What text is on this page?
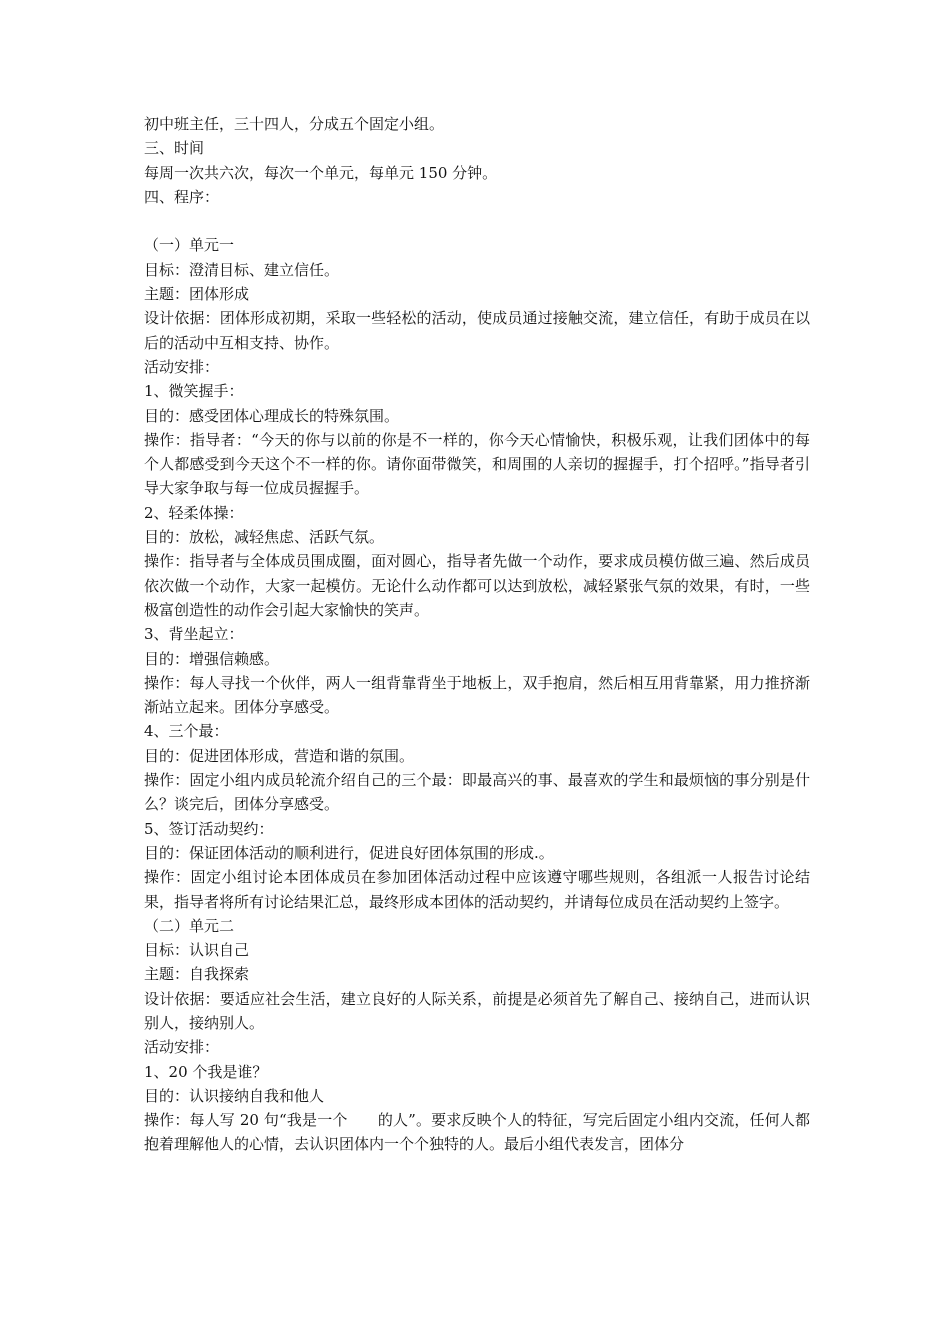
初中班主任，三十四人，分成五个固定小组。

三、时间

每周一次共六次，每次一个单元，每单元 150 分钟。

四、程序：

（一）单元一

目标：澄清目标、建立信任。

主题：团体形成

设计依据：团体形成初期，采取一些轻松的活动，使成员通过接触交流，建立信任，有助于成员在以后的活动中互相支持、协作。

活动安排：

1、微笑握手：

目的：感受团体心理成长的特殊氛围。

操作：指导者：“今天的你与以前的你是不一样的，你今天心情愉快，积极乐观，让我们团体中的每个人都感受到今天这个不一样的你。请你面带微笑，和周围的人亲切的握握手，打个招呼。”指导者引导大家争取与每一位成员握握手。

2、轻柔体操：

目的：放松，减轻焦虑、活跃气氛。

操作：指导者与全体成员围成圈，面对圆心，指导者先做一个动作，要求成员模仿做三遍、然后成员依次做一个动作，大家一起模仿。无论什么动作都可以达到放松，减轻紧张气氛的效果，有时，一些极富创造性的动作会引起大家愉快的笑声。

3、背坐起立：

目的：增强信赖感。

操作：每人寻找一个伙伴，两人一组背靠背坐于地板上，双手抱肩，然后相互用背靠紧，用力推挤渐渐站立起来。团体分享感受。

4、三个最：

目的：促进团体形成，营造和谐的氛围。

操作：固定小组内成员轮流介绍自己的三个最：即最高兴的事、最喜欢的学生和最烦恼的事分别是什么？谈完后，团体分享感受。

5、签订活动契约：

目的：保证团体活动的顺利进行，促进良好团体氛围的形成.。

操作：固定小组讨论本团体成员在参加团体活动过程中应该遵守哪些规则，各组派一人报告讨论结果，指导者将所有讨论结果汇总，最终形成本团体的活动契约，并请每位成员在活动契约上签字。

（二）单元二

目标：认识自己

主题：自我探索

设计依据：要适应社会生活，建立良好的人际关系，前提是必须首先了解自己、接纳自己，进而认识别人，接纳别人。

活动安排：

1、20 个我是谁？

目的：认识接纳自我和他人

操作：每人写 20 句“我是一个　　的人”。要求反映个人的特征，写完后固定小组内交流，任何人都抱着理解他人的心情，去认识团体内一个个独特的人。最后小组代表发言，团体分
